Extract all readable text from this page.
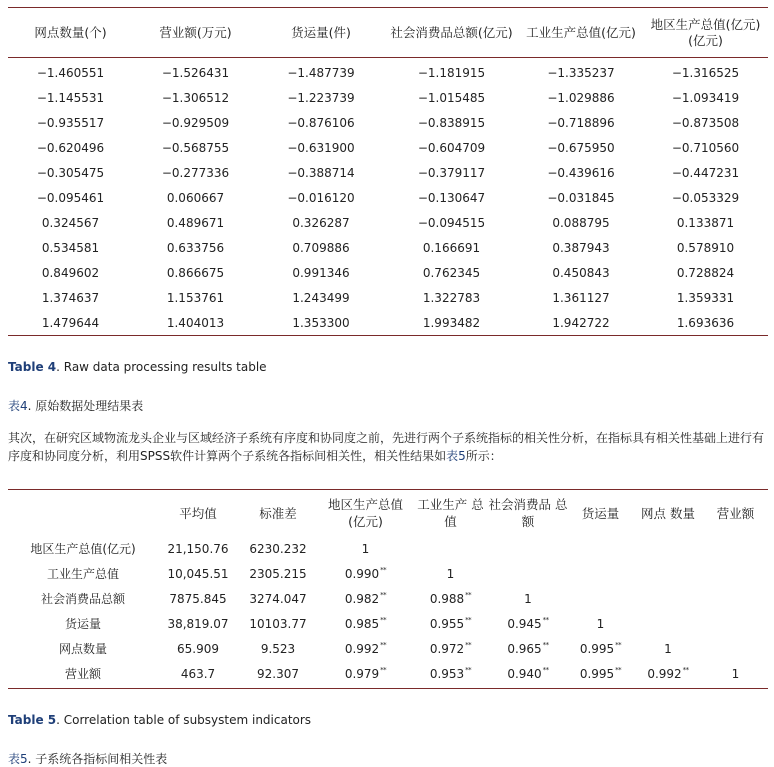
网点数量(个)	营业额(万元)	货运量(件)	社会消费品总额(亿元)	工业生产总值(亿元)	地区生产总值(亿元)(亿元)
−1.460551	−1.526431	−1.487739	−1.181915	−1.335237	−1.316525
−1.145531	−1.306512	−1.223739	−1.015485	−1.029886	−1.093419
−0.935517	−0.929509	−0.876106	−0.838915	−0.718896	−0.873508
−0.620496	−0.568755	−0.631900	−0.604709	−0.675950	−0.710560
−0.305475	−0.277336	−0.388714	−0.379117	−0.439616	−0.447231
−0.095461	0.060667	−0.016120	−0.130647	−0.031845	−0.053329
0.324567	0.489671	0.326287	−0.094515	0.088795	0.133871
0.534581	0.633756	0.709886	0.166691	0.387943	0.578910
0.849602	0.866675	0.991346	0.762345	0.450843	0.728824
1.374637	1.153761	1.243499	1.322783	1.361127	1.359331
1.479644	1.404013	1.353300	1.993482	1.942722	1.693636
Table 4. Raw data processing results table
表4. 原始数据处理结果表
其次，在研究区域物流龙头企业与区域经济子系统有序度和协同度之前，先进行两个子系统指标的相关性分析，在指标具有相关性基础上进行有序度和协同度分析，利用SPSS软件计算两个子系统各指标间相关性，相关性结果如表5所示：
	平均值	标准差	地区生产总值 (亿元)	工业生产 总值	社会消费品 总额	货运量	网点 数量	营业额
地区生产总值(亿元)	21,150.76	6230.232	1					
工业生产总值	10,045.51	2305.215	0.990**	1				
社会消费品总额	7875.845	3274.047	0.982**	0.988**	1			
货运量	38,819.07	10103.77	0.985**	0.955**	0.945**	1		
网点数量	65.909	9.523	0.992**	0.972**	0.965**	0.995**	1	
营业额	463.7	92.307	0.979**	0.953**	0.940**	0.995**	0.992**	1
Table 5. Correlation table of subsystem indicators
表5. 子系统各指标间相关性表
